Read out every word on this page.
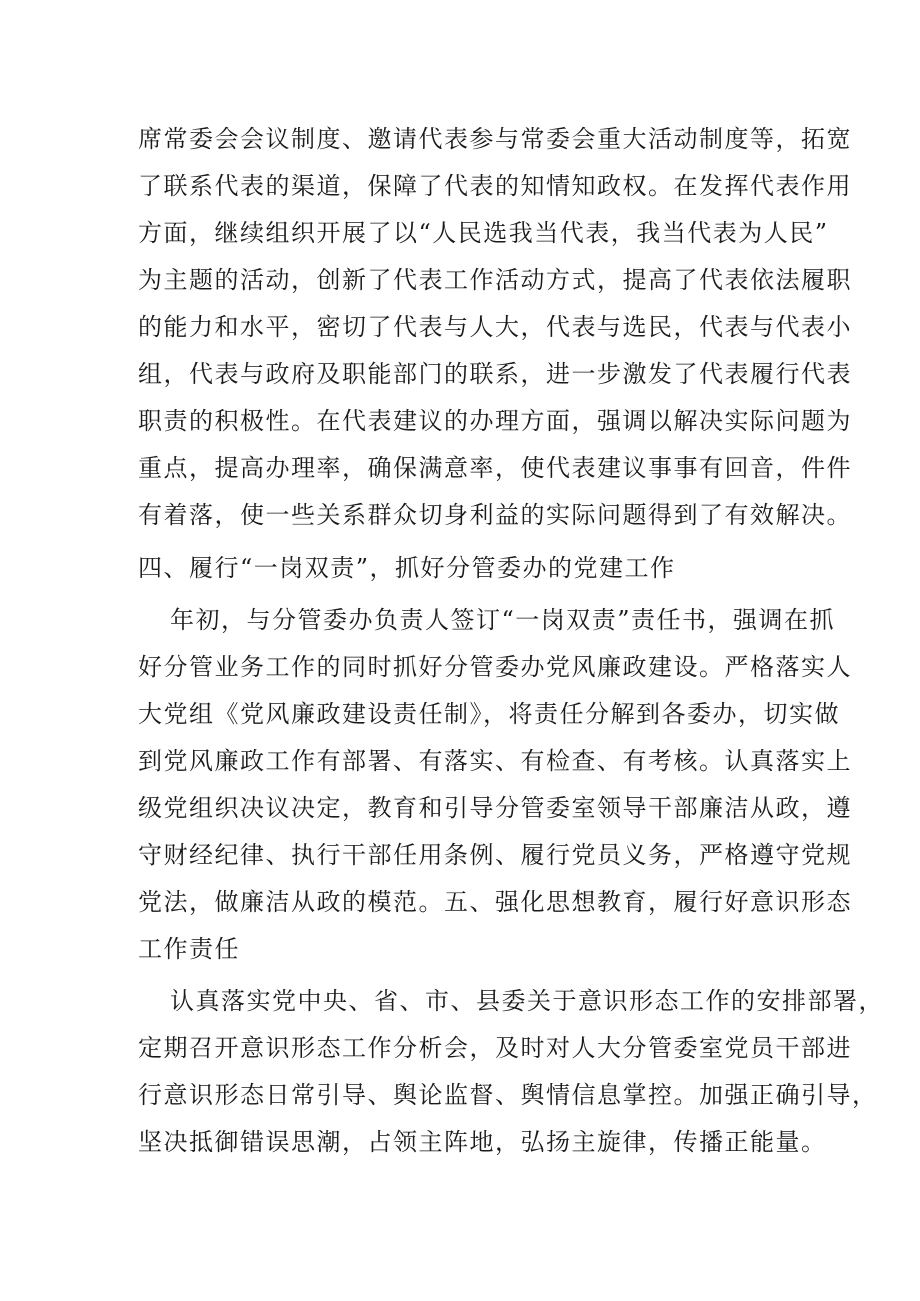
席常委会会议制度、邀请代表参与常委会重大活动制度等，拓宽
了联系代表的渠道，保障了代表的知情知政权。在发挥代表作用
方面，继续组织开展了以“人民选我当代表，我当代表为人民”
为主题的活动，创新了代表工作活动方式，提高了代表依法履职
的能力和水平，密切了代表与人大，代表与选民，代表与代表小
组，代表与政府及职能部门的联系，进一步激发了代表履行代表
职责的积极性。在代表建议的办理方面，强调以解决实际问题为
重点，提高办理率，确保满意率，使代表建议事事有回音，件件
有着落，使一些关系群众切身利益的实际问题得到了有效解决。
四、履行“一岗双责”，抓好分管委办的党建工作
年初，与分管委办负责人签订“一岗双责”责任书，强调在抓
好分管业务工作的同时抓好分管委办党风廉政建设。严格落实人
大党组《党风廉政建设责任制》，将责任分解到各委办，切实做
到党风廉政工作有部署、有落实、有检查、有考核。认真落实上
级党组织决议决定，教育和引导分管委室领导干部廉洁从政，遵
守财经纪律、执行干部任用条例、履行党员义务，严格遵守党规
党法，做廉洁从政的模范。五、强化思想教育，履行好意识形态
工作责任
认真落实党中央、省、市、县委关于意识形态工作的安排部署，
定期召开意识形态工作分析会，及时对人大分管委室党员干部进
行意识形态日常引导、舆论监督、舆情信息掌控。加强正确引导，
坚决抵御错误思潮，占领主阵地，弘扬主旋律，传播正能量。
